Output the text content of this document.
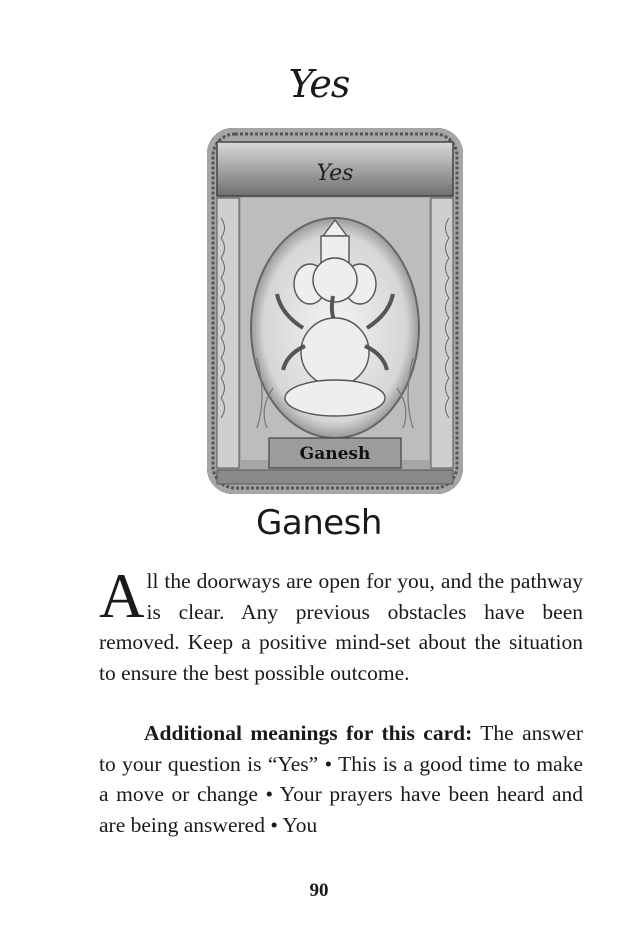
Yes
Yes
Ganesh
Ganesh
All the doorways are open for you, and the pathway is clear. Any previous obstacles have been removed. Keep a positive mind-set about the situation to ensure the best possible outcome.
Additional meanings for this card: The answer to your question is “Yes” • This is a good time to make a move or change • Your prayers have been heard and are being answered • You
90
